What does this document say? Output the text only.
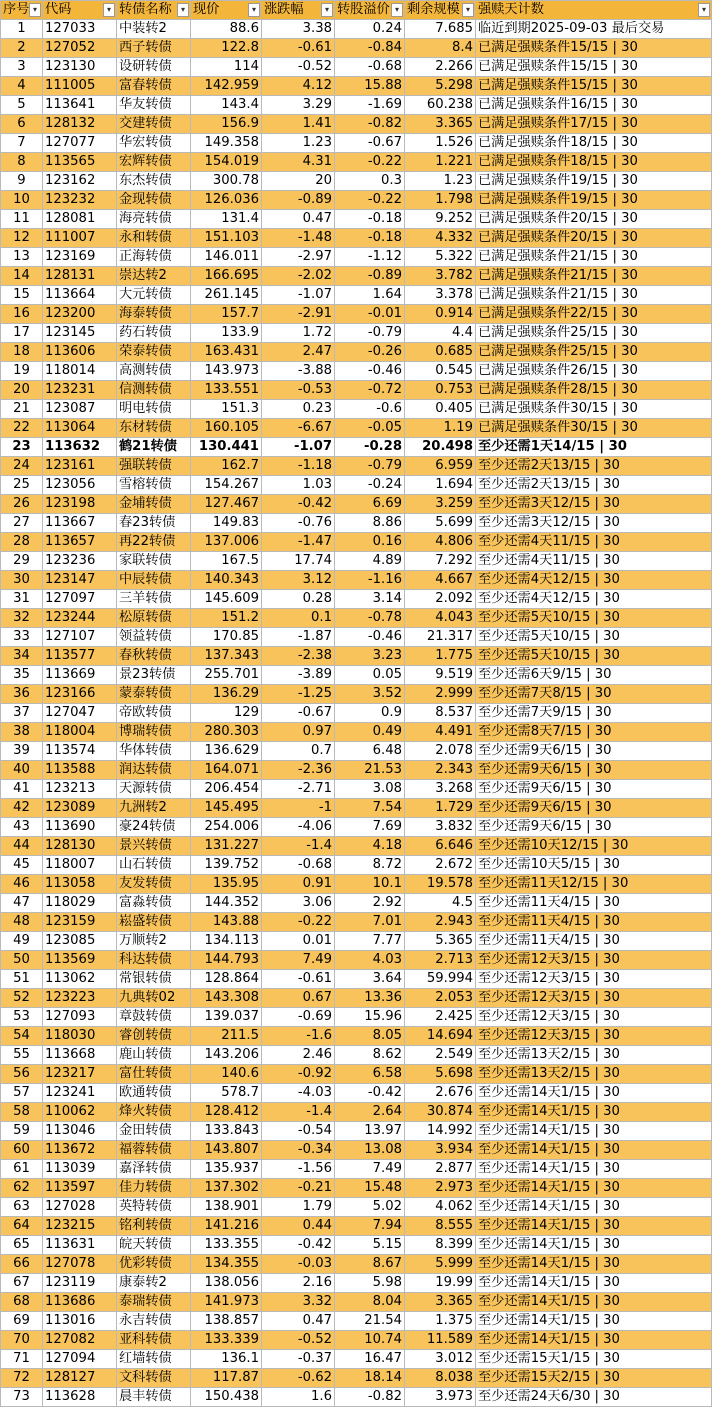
序号 ▾	代码 ▾	转债名称 ▾	现价 ▾	涨跌幅 ▾	转股溢价 ▾	剩余规模 ▾	强赎天计数 ▾

1	127033	中装转2	88.6	3.38	0.24	7.685	临近到期2025-09-03 最后交易
2	127052	西子转债	122.8	-0.61	-0.84	8.4	已满足强赎条件15/15 | 30
3	123130	设研转债	114	-0.52	-0.68	2.266	已满足强赎条件15/15 | 30
4	111005	富春转债	142.959	4.12	15.88	5.298	已满足强赎条件15/15 | 30
5	113641	华友转债	143.4	3.29	-1.69	60.238	已满足强赎条件16/15 | 30
6	128132	交建转债	156.9	1.41	-0.82	3.365	已满足强赎条件17/15 | 30
7	127077	华宏转债	149.358	1.23	-0.67	1.526	已满足强赎条件18/15 | 30
8	113565	宏辉转债	154.019	4.31	-0.22	1.221	已满足强赎条件18/15 | 30
9	123162	东杰转债	300.78	20	0.3	1.23	已满足强赎条件19/15 | 30
10	123232	金现转债	126.036	-0.89	-0.22	1.798	已满足强赎条件19/15 | 30
11	128081	海亮转债	131.4	0.47	-0.18	9.252	已满足强赎条件20/15 | 30
12	111007	永和转债	151.103	-1.48	-0.18	4.332	已满足强赎条件20/15 | 30
13	123169	正海转债	146.011	-2.97	-1.12	5.322	已满足强赎条件21/15 | 30
14	128131	崇达转2	166.695	-2.02	-0.89	3.782	已满足强赎条件21/15 | 30
15	113664	大元转债	261.145	-1.07	1.64	3.378	已满足强赎条件21/15 | 30
16	123200	海泰转债	157.7	-2.91	-0.01	0.914	已满足强赎条件22/15 | 30
17	123145	药石转债	133.9	1.72	-0.79	4.4	已满足强赎条件25/15 | 30
18	113606	荣泰转债	163.431	2.47	-0.26	0.685	已满足强赎条件25/15 | 30
19	118014	高测转债	143.973	-3.88	-0.46	0.545	已满足强赎条件26/15 | 30
20	123231	信测转债	133.551	-0.53	-0.72	0.753	已满足强赎条件28/15 | 30
21	123087	明电转债	151.3	0.23	-0.6	0.405	已满足强赎条件30/15 | 30
22	113064	东材转债	160.105	-6.67	-0.05	1.19	已满足强赎条件30/15 | 30
23	113632	鹤21转债	130.441	-1.07	-0.28	20.498	至少还需1天14/15 | 30
24	123161	强联转债	162.7	-1.18	-0.79	6.959	至少还需2天13/15 | 30
25	123056	雪榕转债	154.267	1.03	-0.24	1.694	至少还需2天13/15 | 30
26	123198	金埔转债	127.467	-0.42	6.69	3.259	至少还需3天12/15 | 30
27	113667	春23转债	149.83	-0.76	8.86	5.699	至少还需3天12/15 | 30
28	113657	再22转债	137.006	-1.47	0.16	4.806	至少还需4天11/15 | 30
29	123236	家联转债	167.5	17.74	4.89	7.292	至少还需4天11/15 | 30
30	123147	中辰转债	140.343	3.12	-1.16	4.667	至少还需4天12/15 | 30
31	127097	三羊转债	145.609	0.28	3.14	2.092	至少还需4天12/15 | 30
32	123244	松原转债	151.2	0.1	-0.78	4.043	至少还需5天10/15 | 30
33	127107	领益转债	170.85	-1.87	-0.46	21.317	至少还需5天10/15 | 30
34	113577	春秋转债	137.343	-2.38	3.23	1.775	至少还需5天10/15 | 30
35	113669	景23转债	255.701	-3.89	0.05	9.519	至少还需6天9/15 | 30
36	123166	蒙泰转债	136.29	-1.25	3.52	2.999	至少还需7天8/15 | 30
37	127047	帝欧转债	129	-0.67	0.9	8.537	至少还需7天9/15 | 30
38	118004	博瑞转债	280.303	0.97	0.49	4.491	至少还需8天7/15 | 30
39	113574	华体转债	136.629	0.7	6.48	2.078	至少还需9天6/15 | 30
40	113588	润达转债	164.071	-2.36	21.53	2.343	至少还需9天6/15 | 30
41	123213	天源转债	206.454	-2.71	3.08	3.268	至少还需9天6/15 | 30
42	123089	九洲转2	145.495	-1	7.54	1.729	至少还需9天6/15 | 30
43	113690	豪24转债	254.006	-4.06	7.69	3.832	至少还需9天6/15 | 30
44	128130	景兴转债	131.227	-1.4	4.18	6.646	至少还需10天12/15 | 30
45	118007	山石转债	139.752	-0.68	8.72	2.672	至少还需10天5/15 | 30
46	113058	友发转债	135.95	0.91	10.1	19.578	至少还需11天12/15 | 30
47	118029	富淼转债	144.352	3.06	2.92	4.5	至少还需11天4/15 | 30
48	123159	崧盛转债	143.88	-0.22	7.01	2.943	至少还需11天4/15 | 30
49	123085	万顺转2	134.113	0.01	7.77	5.365	至少还需11天4/15 | 30
50	113569	科达转债	144.793	7.49	4.03	2.713	至少还需12天3/15 | 30
51	113062	常银转债	128.864	-0.61	3.64	59.994	至少还需12天3/15 | 30
52	123223	九典转02	143.308	0.67	13.36	2.053	至少还需12天3/15 | 30
53	127093	章鼓转债	139.037	-0.69	15.96	2.425	至少还需12天3/15 | 30
54	118030	睿创转债	211.5	-1.6	8.05	14.694	至少还需12天3/15 | 30
55	113668	鹿山转债	143.206	2.46	8.62	2.549	至少还需13天2/15 | 30
56	123217	富仕转债	140.6	-0.92	6.58	5.698	至少还需13天2/15 | 30
57	123241	欧通转债	578.7	-4.03	-0.42	2.676	至少还需14天1/15 | 30
58	110062	烽火转债	128.412	-1.4	2.64	30.874	至少还需14天1/15 | 30
59	113046	金田转债	133.843	-0.54	13.97	14.992	至少还需14天1/15 | 30
60	113672	福蓉转债	143.807	-0.34	13.08	3.934	至少还需14天1/15 | 30
61	113039	嘉泽转债	135.937	-1.56	7.49	2.877	至少还需14天1/15 | 30
62	113597	佳力转债	137.302	-0.21	15.48	2.973	至少还需14天1/15 | 30
63	127028	英特转债	138.901	1.79	5.02	4.062	至少还需14天1/15 | 30
64	123215	铭利转债	141.216	0.44	7.94	8.555	至少还需14天1/15 | 30
65	113631	皖天转债	133.355	-0.42	5.15	8.399	至少还需14天1/15 | 30
66	127078	优彩转债	134.355	-0.03	8.67	5.999	至少还需14天1/15 | 30
67	123119	康泰转2	138.056	2.16	5.98	19.99	至少还需14天1/15 | 30
68	113686	泰瑞转债	141.973	3.32	8.04	3.365	至少还需14天1/15 | 30
69	113016	永吉转债	138.857	0.47	21.54	1.375	至少还需14天1/15 | 30
70	127082	亚科转债	133.339	-0.52	10.74	11.589	至少还需14天1/15 | 30
71	127094	红墙转债	136.1	-0.37	16.47	3.012	至少还需15天1/15 | 30
72	128127	文科转债	117.87	-0.62	18.14	8.038	至少还需15天2/15 | 30
73	113628	晨丰转债	150.438	1.6	-0.82	3.973	至少还需24天6/30 | 30
